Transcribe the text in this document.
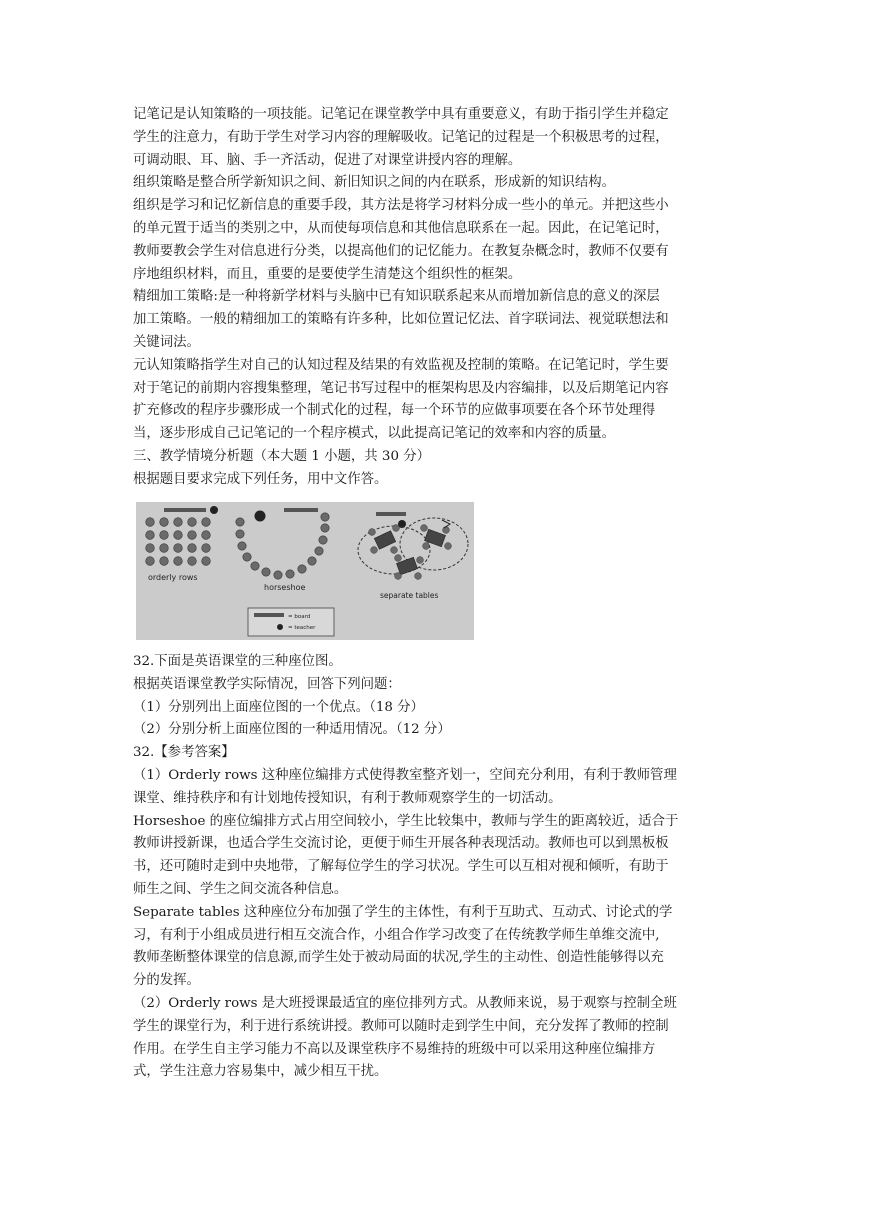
记笔记是认知策略的一项技能。记笔记在课堂教学中具有重要意义，有助于指引学生并稳定
学生的注意力，有助于学生对学习内容的理解吸收。记笔记的过程是一个积极思考的过程，
可调动眼、耳、脑、手一齐活动，促进了对课堂讲授内容的理解。
组织策略是整合所学新知识之间、新旧知识之间的内在联系，形成新的知识结构。
组织是学习和记忆新信息的重要手段，其方法是将学习材料分成一些小的单元。并把这些小
的单元置于适当的类别之中，从而使每项信息和其他信息联系在一起。因此，在记笔记时，
教师要教会学生对信息进行分类，以提高他们的记忆能力。在教复杂概念时，教师不仅要有
序地组织材料，而且，重要的是要使学生清楚这个组织性的框架。
精细加工策略:是一种将新学材料与头脑中已有知识联系起来从而增加新信息的意义的深层
加工策略。一般的精细加工的策略有许多种，比如位置记忆法、首字联词法、视觉联想法和
关键词法。
元认知策略指学生对自己的认知过程及结果的有效监视及控制的策略。在记笔记时，学生要
对于笔记的前期内容搜集整理，笔记书写过程中的框架构思及内容编排，以及后期笔记内容
扩充修改的程序步骤形成一个制式化的过程，每一个环节的应做事项要在各个环节处理得
当，逐步形成自己记笔记的一个程序模式，以此提高记笔记的效率和内容的质量。
三、教学情境分析题（本大题 1 小题，共 30 分）
根据题目要求完成下列任务，用中文作答。
orderly rows
horseshoe
separate tables
= board
= teacher
32.下面是英语课堂的三种座位图。
根据英语课堂教学实际情况，回答下列问题：
（1）分别列出上面座位图的一个优点。（18 分）
（2）分别分析上面座位图的一种适用情况。（12 分）
32.【参考答案】
（1）Orderly rows 这种座位编排方式使得教室整齐划一，空间充分利用，有利于教师管理
课堂、维持秩序和有计划地传授知识，有利于教师观察学生的一切活动。
Horseshoe 的座位编排方式占用空间较小，学生比较集中，教师与学生的距离较近，适合于
教师讲授新课，也适合学生交流讨论，更便于师生开展各种表现活动。教师也可以到黑板板
书，还可随时走到中央地带，了解每位学生的学习状况。学生可以互相对视和倾听，有助于
师生之间、学生之间交流各种信息。
Separate tables 这种座位分布加强了学生的主体性，有利于互助式、互动式、讨论式的学
习，有利于小组成员进行相互交流合作，小组合作学习改变了在传统教学师生单维交流中,
教师垄断整体课堂的信息源,而学生处于被动局面的状况,学生的主动性、创造性能够得以充
分的发挥。
（2）Orderly rows 是大班授课最适宜的座位排列方式。从教师来说，易于观察与控制全班
学生的课堂行为，利于进行系统讲授。教师可以随时走到学生中间，充分发挥了教师的控制
作用。在学生自主学习能力不高以及课堂秩序不易维持的班级中可以采用这种座位编排方
式，学生注意力容易集中，减少相互干扰。
